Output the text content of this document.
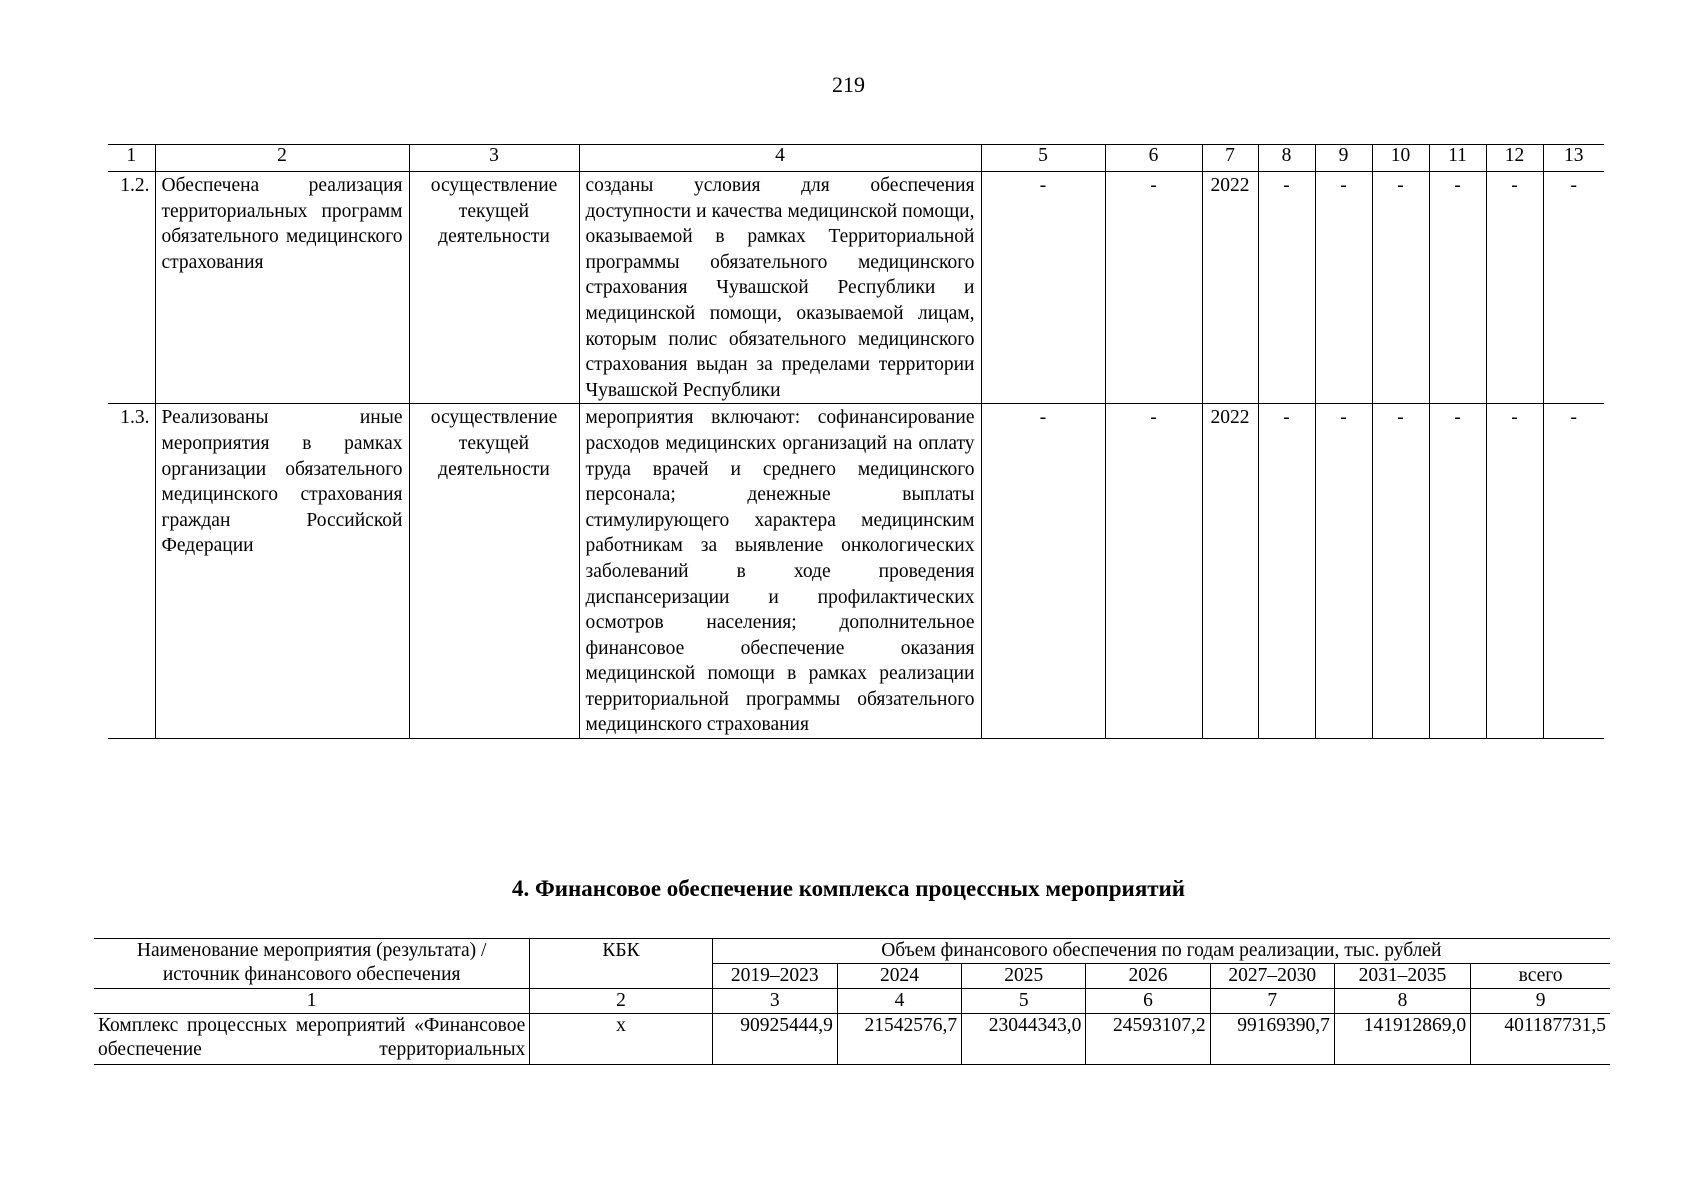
219
1	2	3	4	5	6	7	8	9	10	11	12	13
1.2.	Обеспечена реализация территориальных программ обязательного медицинского страхования	осуществление текущей деятельности	созданы условия для обеспечения доступности и качества медицинской помощи, оказываемой в рамках Территориальной программы обязательного медицинского страхования Чувашской Республики и медицинской помощи, оказываемой лицам, которым полис обязательного медицинского страхования выдан за пределами территории Чувашской Республики	-	-	2022	-	-	-	-	-	-
1.3.	Реализованы иные мероприятия в рамках организации обязательного медицинского страхования граждан Российской Федерации	осуществление текущей деятельности	мероприятия включают: софинансирование расходов медицинских организаций на оплату труда врачей и среднего медицинского персонала; денежные выплаты стимулирующего характера медицинским работникам за выявление онкологических заболеваний в ходе проведения диспансеризации и профилактических осмотров населения; дополнительное финансовое обеспечение оказания медицинской помощи в рамках реализации территориальной программы обязательного медицинского страхования	-	-	2022	-	-	-	-	-	-
4. Финансовое обеспечение комплекса процессных мероприятий
Наименование мероприятия (результата) / источник финансового обеспечения	КБК	Объем финансового обеспечения по годам реализации, тыс. рублей						
		2019–2023	2024	2025	2026	2027–2030	2031–2035	всего
1	2	3	4	5	6	7	8	9
Комплекс процессных мероприятий «Финансовое обеспечение территориальных	х	90925444,9	21542576,7	23044343,0	24593107,2	99169390,7	141912869,0	401187731,5
